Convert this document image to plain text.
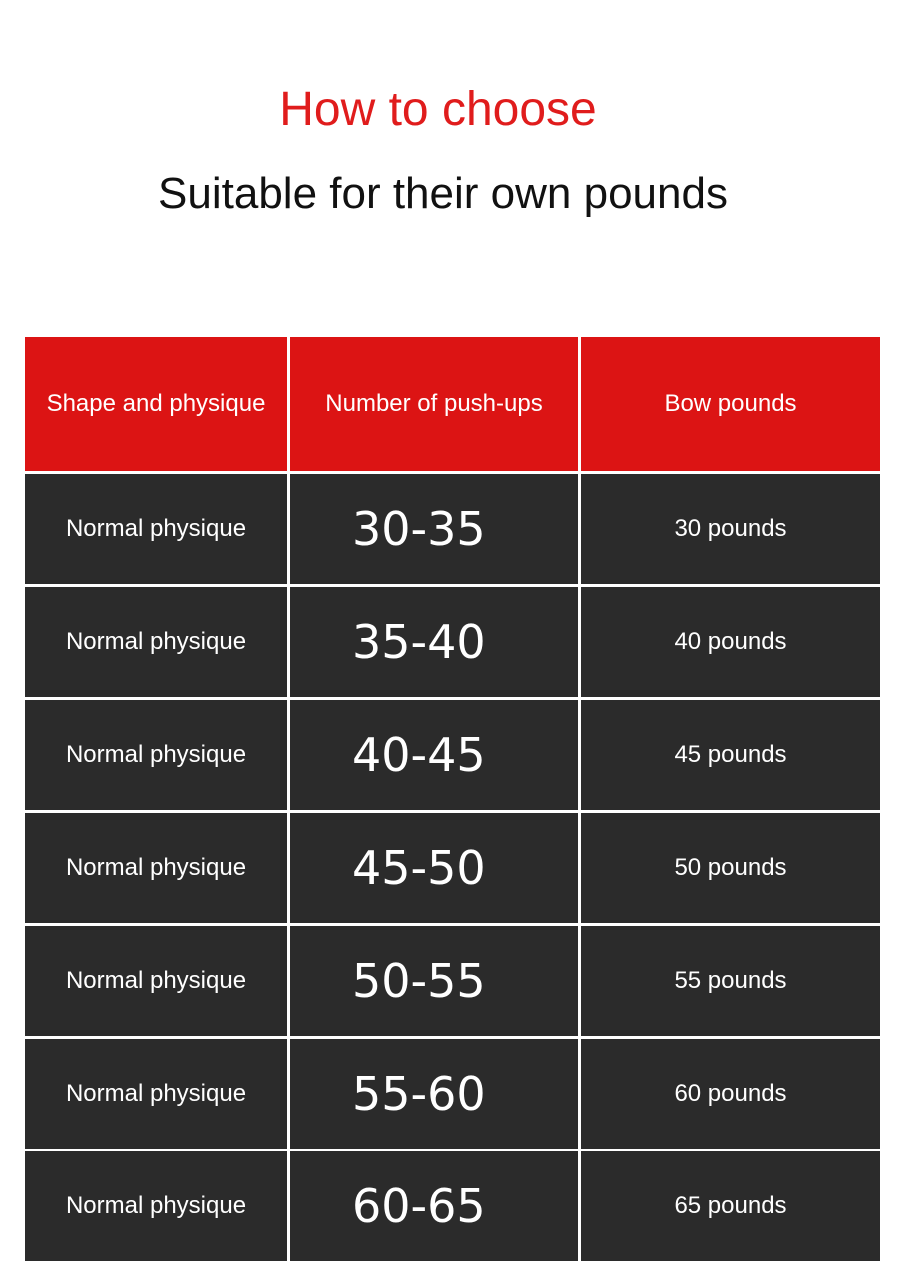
How to choose
Suitable for their own pounds
Shape and physique	Number of push-ups	Bow pounds
Normal physique	30-35	30 pounds
Normal physique	35-40	40 pounds
Normal physique	40-45	45 pounds
Normal physique	45-50	50 pounds
Normal physique	50-55	55 pounds
Normal physique	55-60	60 pounds
Normal physique	60-65	65 pounds
